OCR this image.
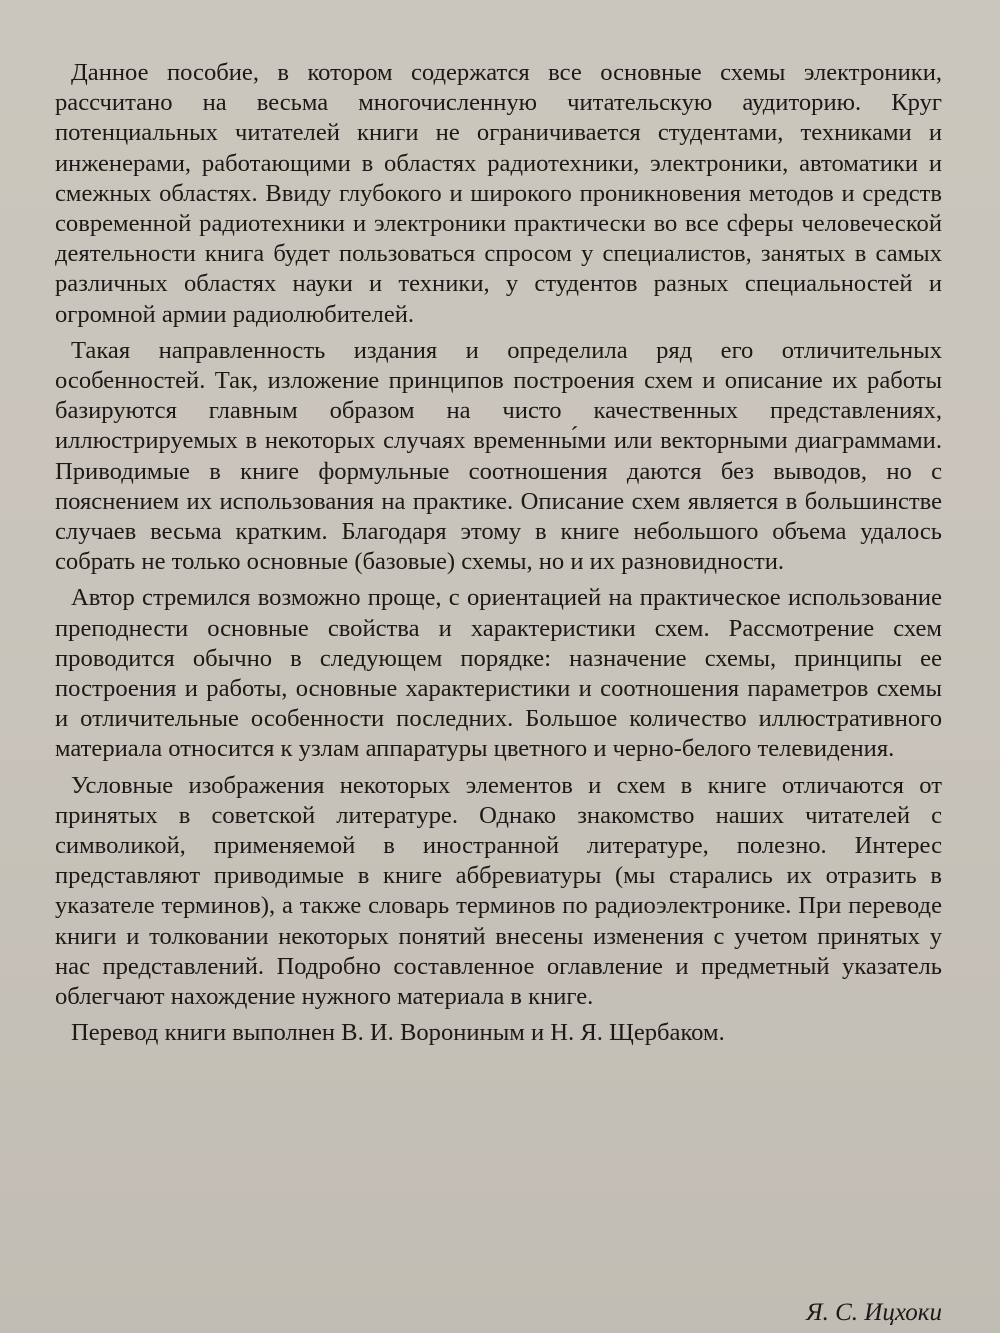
Данное пособие, в котором содержатся все основные схемы электроники, рассчитано на весьма многочисленную читательскую аудиторию. Круг потенциальных читателей книги не ограничивается студентами, техниками и инженерами, работающими в областях радиотехники, электроники, автоматики и смежных областях. Ввиду глубокого и широкого проникновения методов и средств современной радиотехники и электроники практически во все сферы человеческой деятельности книга будет пользоваться спросом у специалистов, занятых в самых различных областях науки и техники, у студентов разных специальностей и огромной армии радиолюбителей.

Такая направленность издания и определила ряд его отличительных особенностей. Так, изложение принципов построения схем и описание их работы базируются главным образом на чисто качественных представлениях, иллюстрируемых в некоторых случаях временны́ми или векторными диаграммами. Приводимые в книге формульные соотношения даются без выводов, но с пояснением их использования на практике. Описание схем является в большинстве случаев весьма кратким. Благодаря этому в книге небольшого объема удалось собрать не только основные (базовые) схемы, но и их разновидности.

Автор стремился возможно проще, с ориентацией на практическое использование преподнести основные свойства и характеристики схем. Рассмотрение схем проводится обычно в следующем порядке: назначение схемы, принципы ее построения и работы, основные характеристики и соотношения параметров схемы и отличительные особенности последних. Большое количество иллюстративного материала относится к узлам аппаратуры цветного и черно-белого телевидения.

Условные изображения некоторых элементов и схем в книге отличаются от принятых в советской литературе. Однако знакомство наших читателей с символикой, применяемой в иностранной литературе, полезно. Интерес представляют приводимые в книге аббревиатуры (мы старались их отразить в указателе терминов), а также словарь терминов по радиоэлектронике. При переводе книги и толковании некоторых понятий внесены изменения с учетом принятых у нас представлений. Подробно составленное оглавление и предметный указатель облегчают нахождение нужного материала в книге.

Перевод книги выполнен В. И. Ворониным и Н. Я. Щербаком.

Я. С. Ицхоки
